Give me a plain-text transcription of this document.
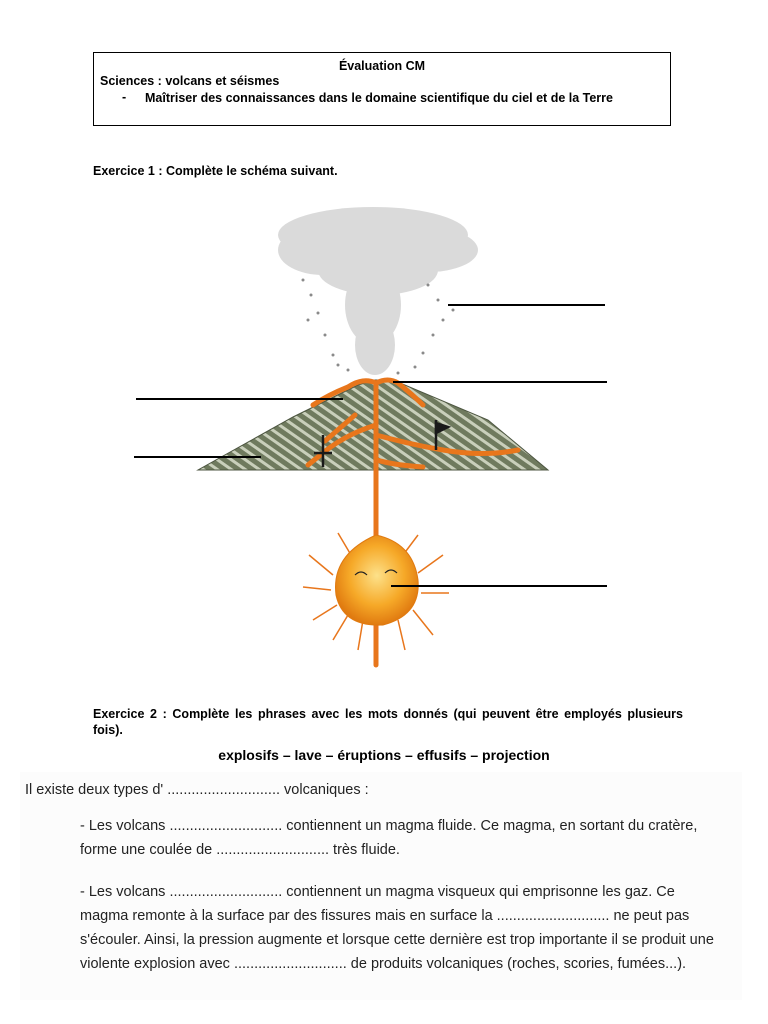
Évaluation CM
Sciences : volcans et séismes
- Maîtriser des connaissances dans le domaine scientifique du ciel et de la Terre
Exercice 1 : Complète le schéma suivant.
Exercice 2 : Complète les phrases avec les mots donnés (qui peuvent être employés plusieurs fois).
explosifs – lave – éruptions – effusifs – projection
Il existe deux types d' ............................ volcaniques :
- Les volcans ............................ contiennent un magma fluide. Ce magma, en sortant du cratère, forme une coulée de ............................ très fluide.
- Les volcans ............................ contiennent un magma visqueux qui emprisonne les gaz. Ce magma remonte à la surface par des fissures mais en surface la ............................ ne peut pas s'écouler. Ainsi, la pression augmente et lorsque cette dernière est trop importante il se produit une violente explosion avec ............................ de produits volcaniques (roches, scories, fumées...).
